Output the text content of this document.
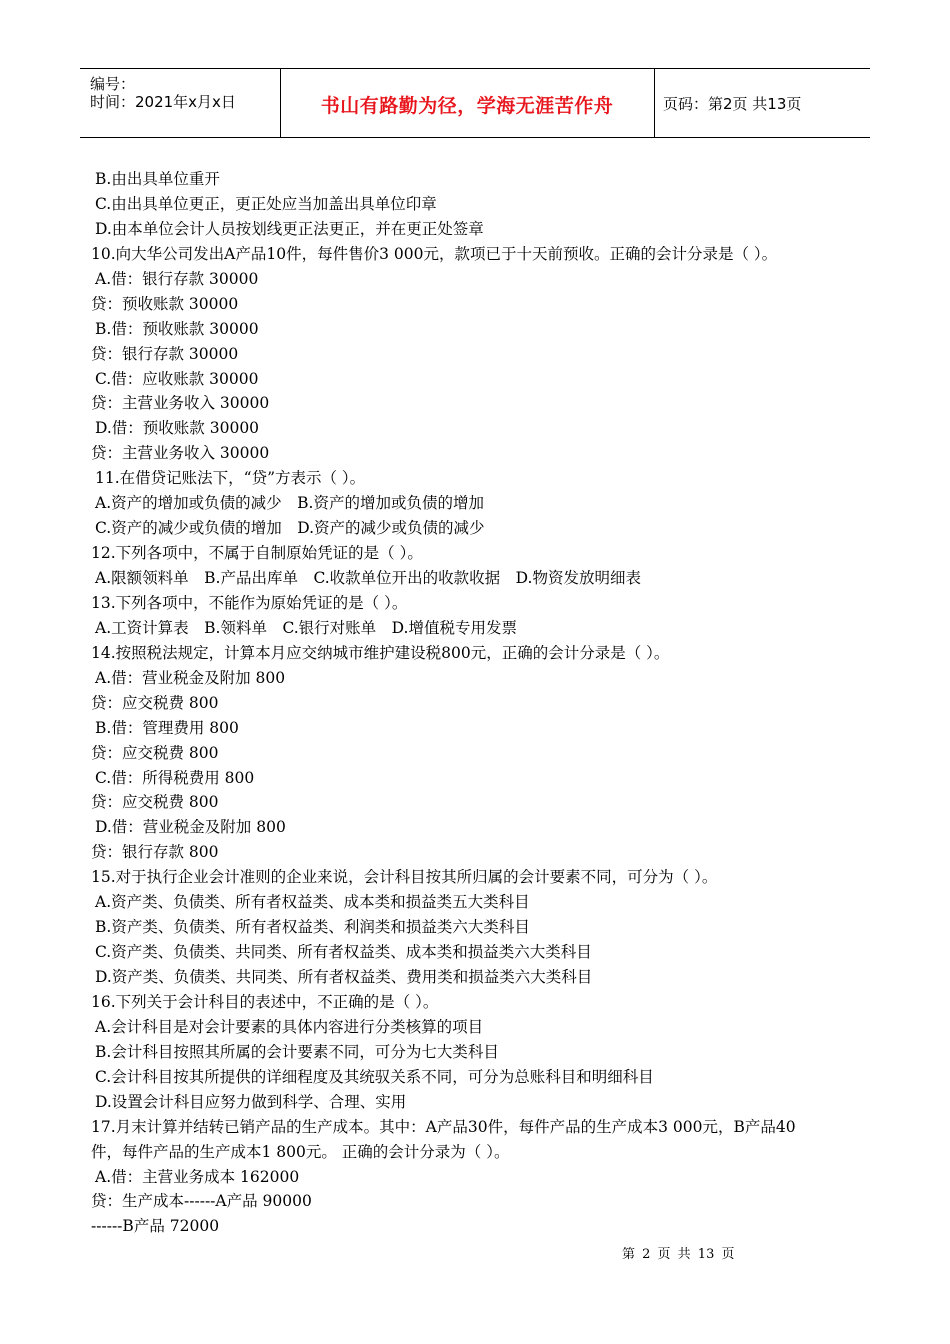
编号：
时间：2021年x月x日	书山有路勤为径，学海无涯苦作舟	页码：第2页 共13页
B.由出具单位重开
C.由出具单位更正，更正处应当加盖出具单位印章
D.由本单位会计人员按划线更正法更正，并在更正处签章
10.向大华公司发出A产品10件，每件售价3 000元，款项已于十天前预收。正确的会计分录是（ ）。
A.借：银行存款 30000
贷：预收账款 30000
B.借：预收账款 30000
贷：银行存款 30000
C.借：应收账款 30000
贷：主营业务收入 30000
D.借：预收账款 30000
贷：主营业务收入 30000
11.在借贷记账法下，“贷”方表示（ ）。
A.资产的增加或负债的减少　B.资产的增加或负债的增加
C.资产的减少或负债的增加　D.资产的减少或负债的减少
12.下列各项中，不属于自制原始凭证的是（ ）。
A.限额领料单　B.产品出库单　C.收款单位开出的收款收据　D.物资发放明细表
13.下列各项中，不能作为原始凭证的是（ ）。
A.工资计算表　B.领料单　C.银行对账单　D.增值税专用发票
14.按照税法规定，计算本月应交纳城市维护建设税800元，正确的会计分录是（ ）。
A.借：营业税金及附加 800
贷：应交税费 800
B.借：管理费用 800
贷：应交税费 800
C.借：所得税费用 800
贷：应交税费 800
D.借：营业税金及附加 800
贷：银行存款 800
15.对于执行企业会计准则的企业来说，会计科目按其所归属的会计要素不同，可分为（ ）。
A.资产类、负债类、所有者权益类、成本类和损益类五大类科目
B.资产类、负债类、所有者权益类、利润类和损益类六大类科目
C.资产类、负债类、共同类、所有者权益类、成本类和损益类六大类科目
D.资产类、负债类、共同类、所有者权益类、费用类和损益类六大类科目
16.下列关于会计科目的表述中，不正确的是（ ）。
A.会计科目是对会计要素的具体内容进行分类核算的项目
B.会计科目按照其所属的会计要素不同，可分为七大类科目
C.会计科目按其所提供的详细程度及其统驭关系不同，可分为总账科目和明细科目
D.设置会计科目应努力做到科学、合理、实用
17.月末计算并结转已销产品的生产成本。其中：A产品30件，每件产品的生产成本3 000元，B产品40
件，每件产品的生产成本1 800元。 正确的会计分录为（ ）。
A.借：主营业务成本 162000
贷：生产成本------A产品 90000
------B产品 72000
第 2 页 共 13 页
